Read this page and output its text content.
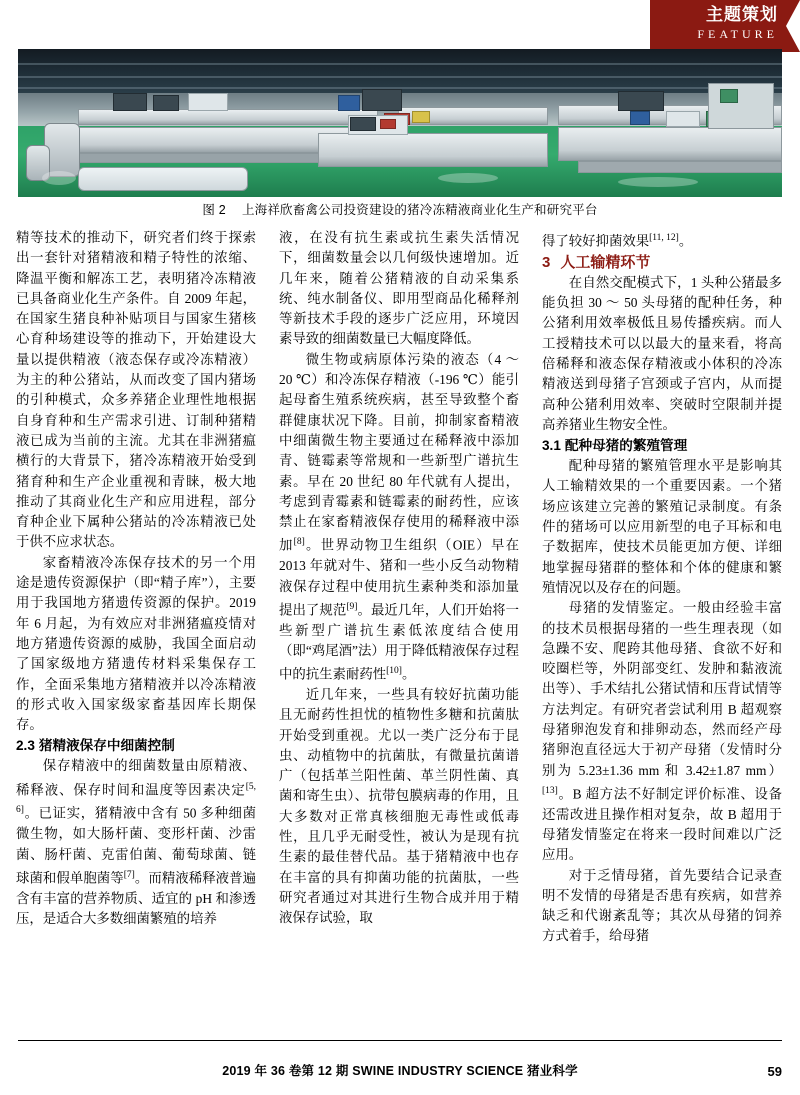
主题策划
FEATURE
图 2 上海祥欣畜禽公司投资建设的猪冷冻精液商业化生产和研究平台

精等技术的推动下，研究者们终于探索出一套针对猪精液和精子特性的浓缩、降温平衡和解冻工艺，表明猪冷冻精液已具备商业化生产条件。自 2009 年起，在国家生猪良种补贴项目与国家生猪核心育种场建设等的推动下，开始建设大量以提供精液（液态保存或冷冻精液）为主的种公猪站，从而改变了国内猪场的引种模式，众多养猪企业理性地根据自身育种和生产需求引进、订制种猪精液已成为当前的主流。尤其在非洲猪瘟横行的大背景下，猪冷冻精液开始受到猪育种和生产企业重视和青睐，极大地推动了其商业化生产和应用进程，部分育种企业下属种公猪站的冷冻精液已处于供不应求状态。

家畜精液冷冻保存技术的另一个用途是遗传资源保护（即“精子库”），主要用于我国地方猪遗传资源的保护。2019 年 6 月起，为有效应对非洲猪瘟疫情对地方猪遗传资源的威胁，我国全面启动了国家级地方猪遗传材料采集保存工作，全面采集地方猪精液并以冷冻精液的形式收入国家级家畜基因库长期保存。

2.3 猪精液保存中细菌控制

保存精液中的细菌数量由原精液、稀释液、保存时间和温度等因素决定[5, 6]。已证实，猪精液中含有 50 多种细菌微生物，如大肠杆菌、变形杆菌、沙雷菌、肠杆菌、克雷伯菌、葡萄球菌、链球菌和假单胞菌等[7]。而精液稀释液普遍含有丰富的营养物质、适宜的 pH 和渗透压，是适合大多数细菌繁殖的培养

液，在没有抗生素或抗生素失活情况下，细菌数量会以几何级快速增加。近几年来，随着公猪精液的自动采集系统、纯水制备仪、即用型商品化稀释剂等新技术手段的逐步广泛应用，环境因素导致的细菌数量已大幅度降低。

微生物或病原体污染的液态（4 ～ 20 ℃）和冷冻保存精液（-196 ℃）能引起母畜生殖系统疾病，甚至导致整个畜群健康状况下降。目前，抑制家畜精液中细菌微生物主要通过在稀释液中添加青、链霉素等常规和一些新型广谱抗生素。早在 20 世纪 80 年代就有人提出，考虑到青霉素和链霉素的耐药性，应该禁止在家畜精液保存使用的稀释液中添加[8]。世界动物卫生组织（OIE）早在 2013 年就对牛、猪和一些小反刍动物精液保存过程中使用抗生素种类和添加量提出了规范[9]。最近几年，人们开始将一些新型广谱抗生素低浓度结合使用（即“鸡尾酒”法）用于降低精液保存过程中的抗生素耐药性[10]。

近几年来，一些具有较好抗菌功能且无耐药性担忧的植物性多糖和抗菌肽开始受到重视。尤以一类广泛分布于昆虫、动植物中的抗菌肽，有微量抗菌谱广（包括革兰阳性菌、革兰阴性菌、真菌和寄生虫）、抗带包膜病毒的作用，且大多数对正常真核细胞无毒性或低毒性，且几乎无耐受性，被认为是现有抗生素的最佳替代品。基于猪精液中也存在丰富的具有抑菌功能的抗菌肽，一些研究者通过对其进行生物合成并用于精液保存试验，取

得了较好抑菌效果[11, 12]。

3 人工输精环节

在自然交配模式下，1 头种公猪最多能负担 30 ～ 50 头母猪的配种任务，种公猪利用效率极低且易传播疾病。而人工授精技术可以以最大的量来看，将高倍稀释和液态保存精液或小体积的冷冻精液送到母猪子宫颈或子宫内，从而提高种公猪利用效率、突破时空限制并提高养猪业生物安全性。

3.1 配种母猪的繁殖管理

配种母猪的繁殖管理水平是影响其人工输精效果的一个重要因素。一个猪场应该建立完善的繁殖记录制度。有条件的猪场可以应用新型的电子耳标和电子数据库，使技术员能更加方便、详细地掌握母猪群的整体和个体的健康和繁殖情况以及存在的问题。

母猪的发情鉴定。一般由经验丰富的技术员根据母猪的一些生理表现（如急躁不安、爬跨其他母猪、食欲不好和咬圈栏等，外阴部变红、发肿和黏液流出等）、手术结扎公猪试情和压背试情等方法判定。有研究者尝试利用 B 超观察母猪卵泡发育和排卵动态，然而经产母猪卵泡直径远大于初产母猪（发情时分别为 5.23±1.36 mm 和 3.42±1.87 mm）[13]。B 超方法不好制定评价标准、设备还需改进且操作相对复杂，故 B 超用于母猪发情鉴定在将来一段时间难以广泛应用。

对于乏情母猪，首先要结合记录查明不发情的母猪是否患有疾病，如营养缺乏和代谢紊乱等；其次从母猪的饲养方式着手，给母猪

2019 年 36 卷第 12 期 SWINE INDUSTRY SCIENCE 猪业科学	59
